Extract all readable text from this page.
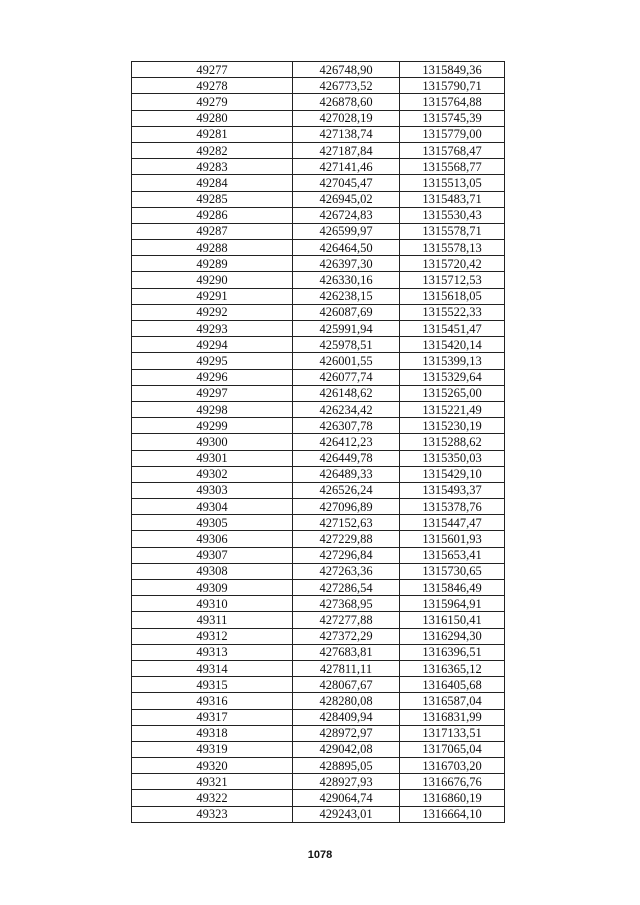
49277	426748,90	1315849,36
49278	426773,52	1315790,71
49279	426878,60	1315764,88
49280	427028,19	1315745,39
49281	427138,74	1315779,00
49282	427187,84	1315768,47
49283	427141,46	1315568,77
49284	427045,47	1315513,05
49285	426945,02	1315483,71
49286	426724,83	1315530,43
49287	426599,97	1315578,71
49288	426464,50	1315578,13
49289	426397,30	1315720,42
49290	426330,16	1315712,53
49291	426238,15	1315618,05
49292	426087,69	1315522,33
49293	425991,94	1315451,47
49294	425978,51	1315420,14
49295	426001,55	1315399,13
49296	426077,74	1315329,64
49297	426148,62	1315265,00
49298	426234,42	1315221,49
49299	426307,78	1315230,19
49300	426412,23	1315288,62
49301	426449,78	1315350,03
49302	426489,33	1315429,10
49303	426526,24	1315493,37
49304	427096,89	1315378,76
49305	427152,63	1315447,47
49306	427229,88	1315601,93
49307	427296,84	1315653,41
49308	427263,36	1315730,65
49309	427286,54	1315846,49
49310	427368,95	1315964,91
49311	427277,88	1316150,41
49312	427372,29	1316294,30
49313	427683,81	1316396,51
49314	427811,11	1316365,12
49315	428067,67	1316405,68
49316	428280,08	1316587,04
49317	428409,94	1316831,99
49318	428972,97	1317133,51
49319	429042,08	1317065,04
49320	428895,05	1316703,20
49321	428927,93	1316676,76
49322	429064,74	1316860,19
49323	429243,01	1316664,10
1078
